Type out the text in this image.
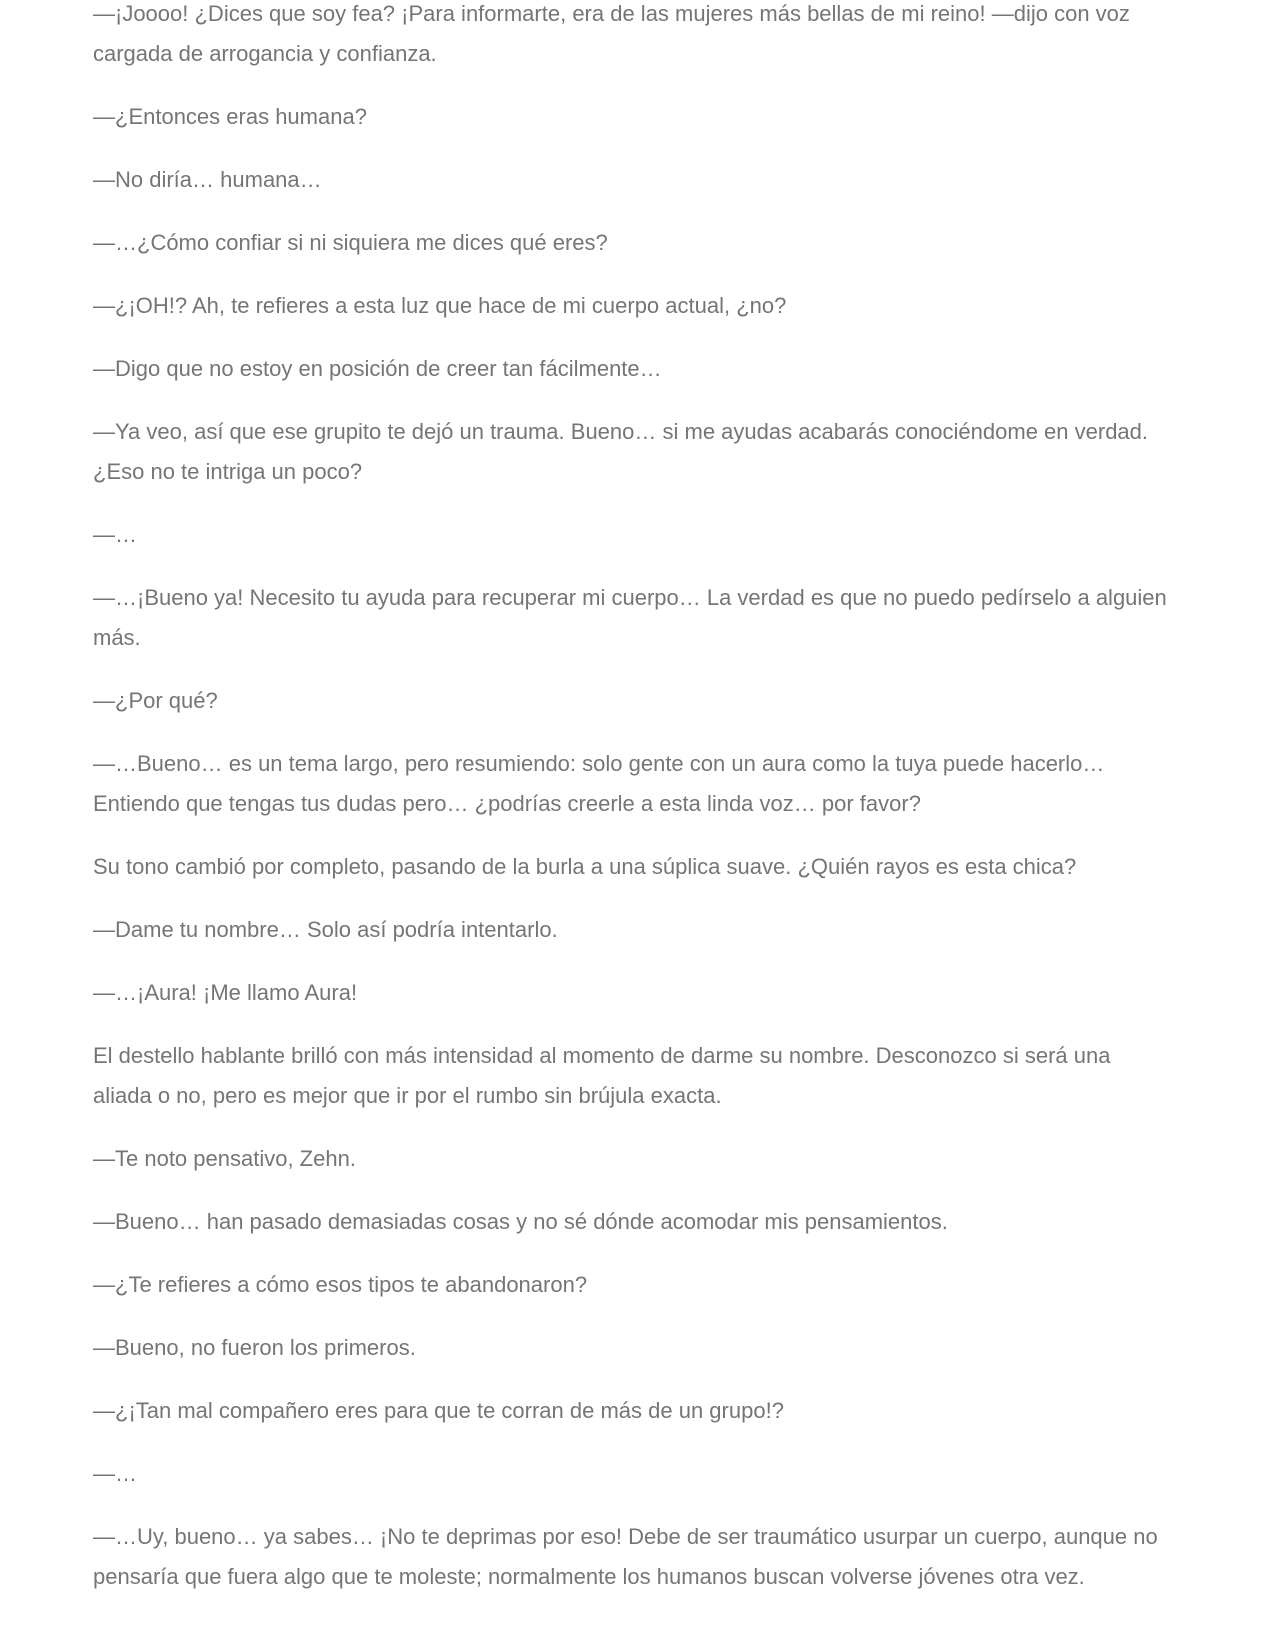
—¡Joooo! ¿Dices que soy fea? ¡Para informarte, era de las mujeres más bellas de mi reino! —dijo con voz cargada de arrogancia y confianza.

—¿Entonces eras humana?

—No diría… humana…

—…¿Cómo confiar si ni siquiera me dices qué eres?

—¿¡OH!? Ah, te refieres a esta luz que hace de mi cuerpo actual, ¿no?

—Digo que no estoy en posición de creer tan fácilmente…

—Ya veo, así que ese grupito te dejó un trauma. Bueno… si me ayudas acabarás conociéndome en verdad. ¿Eso no te intriga un poco?

—…

—…¡Bueno ya! Necesito tu ayuda para recuperar mi cuerpo… La verdad es que no puedo pedírselo a alguien más.

—¿Por qué?

—…Bueno… es un tema largo, pero resumiendo: solo gente con un aura como la tuya puede hacerlo… Entiendo que tengas tus dudas pero… ¿podrías creerle a esta linda voz… por favor?

Su tono cambió por completo, pasando de la burla a una súplica suave. ¿Quién rayos es esta chica?

—Dame tu nombre… Solo así podría intentarlo.

—…¡Aura! ¡Me llamo Aura!

El destello hablante brilló con más intensidad al momento de darme su nombre. Desconozco si será una aliada o no, pero es mejor que ir por el rumbo sin brújula exacta.

—Te noto pensativo, Zehn.

—Bueno… han pasado demasiadas cosas y no sé dónde acomodar mis pensamientos.

—¿Te refieres a cómo esos tipos te abandonaron?

—Bueno, no fueron los primeros.

—¿¡Tan mal compañero eres para que te corran de más de un grupo!?

—…

—…Uy, bueno… ya sabes… ¡No te deprimas por eso! Debe de ser traumático usurpar un cuerpo, aunque no pensaría que fuera algo que te moleste; normalmente los humanos buscan volverse jóvenes otra vez.
